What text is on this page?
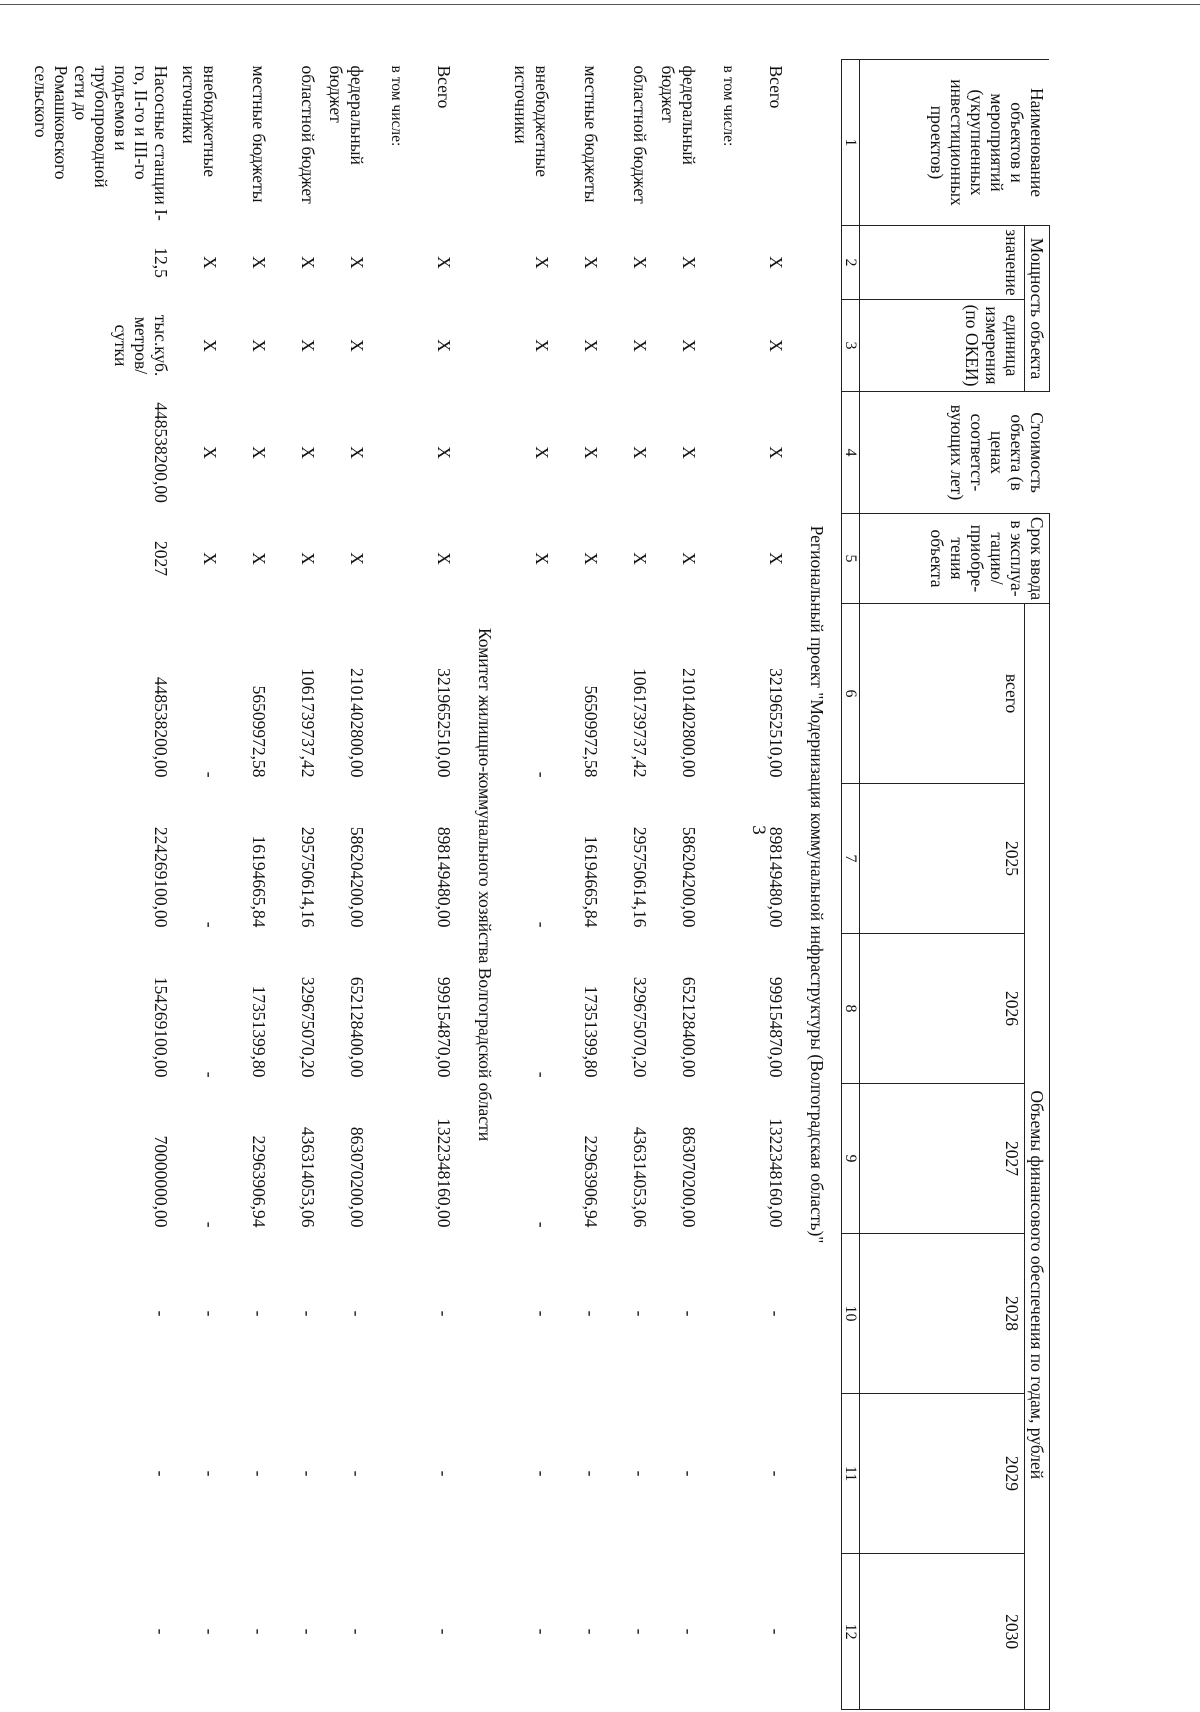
3
Наименование объектов и мероприятий (укрупненных инвестиционных проектов)	Мощность объекта		Стоимость объекта (в ценах соответст-вующих лет)	Срок ввода в эксплуа-тацию/ приобре-тения объекта	Объемы финансового обеспечения по годам, рублей						
	значение	единица измерения (по ОКЕИ)			всего	2025	2026	2027	2028	2029	2030
1	2	3	4	5	6	7	8	9	10	11	12
Региональный проект "Модернизация коммунальной инфраструктуры (Волгоградская область)"											
Всего	X	X	X	X	3219652510,00	898149480,00	999154870,00	1322348160,00	-	-	-
в том числе:											
федеральный бюджет	X	X	X	X	2101402800,00	586204200,00	652128400,00	863070200,00	-	-	-
областной бюджет	X	X	X	X	1061739737,42	295750614,16	329675070,20	436314053,06	-	-	-
местные бюджеты	X	X	X	X	56509972,58	16194665,84	17351399,80	22963906,94	-	-	-
внебюджетные источники	X	X	X	X	-	-	-	-	-	-	-
Комитет жилищно-коммунального хозяйства Волгоградской области											
Всего	X	X	X	X	3219652510,00	898149480,00	999154870,00	1322348160,00	-	-	-
в том числе:											
федеральный бюджет	X	X	X	X	2101402800,00	586204200,00	652128400,00	863070200,00	-	-	-
областной бюджет	X	X	X	X	1061739737,42	295750614,16	329675070,20	436314053,06	-	-	-
местные бюджеты	X	X	X	X	56509972,58	16194665,84	17351399,80	22963906,94	-	-	-
внебюджетные источники	X	X	X	X	-	-	-	-	-	-	-
Насосные станции I-го, II-го и III-го подъемов и трубопроводной сети до Ромашковского сельского	12,5	тыс.куб. метров/ сутки	448538200,00	2027	448538200,00	224269100,00	154269100,00	70000000,00	-	-	-
